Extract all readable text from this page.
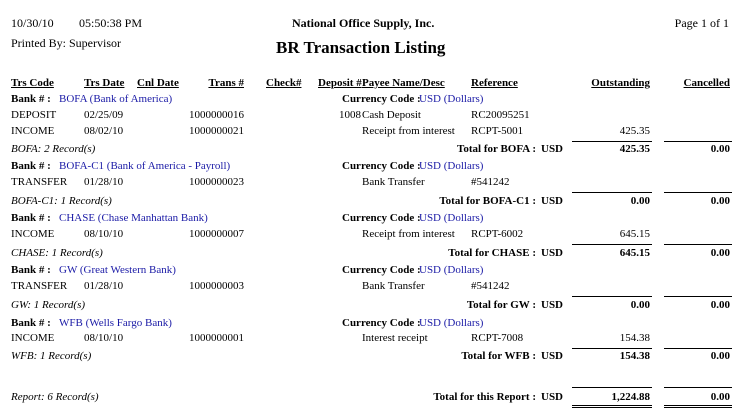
10/30/10 05:50:38 PM
Printed By: Supervisor
National Office Supply, Inc.
BR Transaction Listing
Page 1 of 1
Trs Code	Trs Date Cnl Date	Trans # Check# Deposit # Payee Name/Desc Reference	Outstanding	Cancelled
Bank # : BOFA (Bank of America)	Currency Code :
USD (Dollars)
DEPOSIT	02/25/09	1000000016	1008 Cash Deposit	RC20095251
INCOME	08/02/10	1000000021	Receipt from interest RCPT-5001	425.35
BOFA: 2 Record(s)	Total for BOFA : USD	425.35	0.00
Bank # : BOFA-C1 (Bank of America - Payroll)	Currency Code :
USD (Dollars)
TRANSFER 01/28/10	1000000023	Bank Transfer	#541242
BOFA-C1: 1 Record(s)	Total for BOFA-C1 : USD	0.00	0.00
Bank # : CHASE (Chase Manhattan Bank)	Currency Code :
USD (Dollars)
INCOME	08/10/10	1000000007	Receipt from interest RCPT-6002	645.15
CHASE: 1 Record(s)	Total for CHASE : USD	645.15	0.00
Bank # : GW (Great Western Bank)	Currency Code :
USD (Dollars)
TRANSFER 01/28/10	1000000003	Bank Transfer	#541242
GW: 1 Record(s)	Total for GW : USD	0.00	0.00
Bank # : WFB (Wells Fargo Bank)	Currency Code :
USD (Dollars)
INCOME	08/10/10	1000000001	Interest receipt	RCPT-7008	154.38
WFB: 1 Record(s)	Total for WFB : USD	154.38	0.00
Report: 6 Record(s)	Total for this Report : USD	1,224.88	0.00
